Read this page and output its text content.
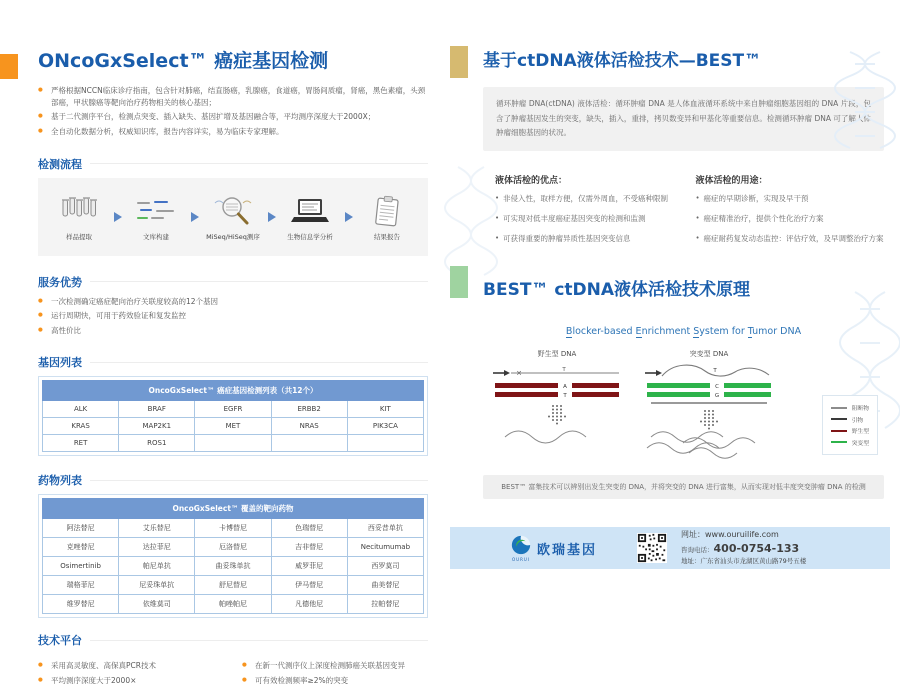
ONcoGxSelect™ 癌症基因检测
● 严格根据NCCN临床诊疗指南，包含针对肺癌，结直肠癌，乳腺癌，食道癌，胃肠间质瘤，肾癌，黑色素瘤，头颈部癌，甲状腺癌等靶向治疗药物相关的核心基因；
● 基于二代测序平台，检测点突变、插入缺失、基因扩增及基因融合等，平均测序深度大于2000X；
● 全自动化数据分析，权威知识库，报告内容详实，易为临床专家理解。
检测流程
样品提取	文库构建	MiSeq/HiSeq测序	生物信息学分析	结果报告
服务优势
● 一次检测确定癌症靶向治疗关联度较高的12个基因
● 运行周期快，可用于药效验证和复发监控
● 高性价比
基因列表
OncoGxSelect™ 癌症基因检测列表（共12个）				
ALK	BRAF	EGFR	ERBB2	KIT
KRAS	MAP2K1	MET	NRAS	PIK3CA
RET	ROS1			
药物列表
OncoGxSelect™ 覆盖的靶向药物				
阿法替尼	艾乐替尼	卡博替尼	色瑞替尼	西妥昔单抗
克唑替尼	达拉菲尼	厄洛替尼	吉非替尼	Necitumumab
Osimertinib	帕尼单抗	曲妥珠单抗	威罗菲尼	西罗莫司
瑞格菲尼	尼妥珠单抗	舒尼替尼	伊马替尼	曲美替尼
维罗替尼	依维莫司	帕唑帕尼	凡德他尼	拉帕替尼
技术平台
● 采用高灵敏度、高保真PCR技术
● 平均测序深度大于2000×
● 在新一代测序仪上深度检测肺癌关联基因变异
● 可有效检测频率≥2%的突变
基于ctDNA液体活检技术—BEST™
循环肿瘤 DNA(ctDNA) 液体活检：循环肿瘤 DNA 是人体血液循环系统中来自肿瘤细胞基因组的 DNA 片段，包含了肿瘤基因发生的突变，缺失，插入，重排，拷贝数变异和甲基化等重要信息。检测循环肿瘤 DNA 可了解人体肿瘤细胞基因的状况。
液体活检的优点：
• 非侵入性，取样方便，仅需外周血，不受癌种限制
• 可实现对低丰度癌症基因突变的检测和监测
• 可获得重要的肿瘤异质性基因突变信息
液体活检的用途：
• 癌症的早期诊断，实现及早干预
• 癌症精准治疗，提供个性化治疗方案
• 癌症耐药复发动态监控：评估疗效，及早调整治疗方案
BEST™ ctDNA液体活检技术原理
Blocker-based Enrichment System for Tumor DNA
野生型 DNA
✕	T
A
T
突变型 DNA
T
C
G
阻断物
引物
野生型
突变型
BEST™ 富集技术可以辨别出发生突变的 DNA，并将突变的 DNA 进行富集，从而实现对低丰度突变肿瘤 DNA 的检测
OURUI
欧瑞基因
网址：www.ouruilife.com
咨询电话：400-0754-133
地址：广东省汕头市龙湖区黄山路79号五楼
